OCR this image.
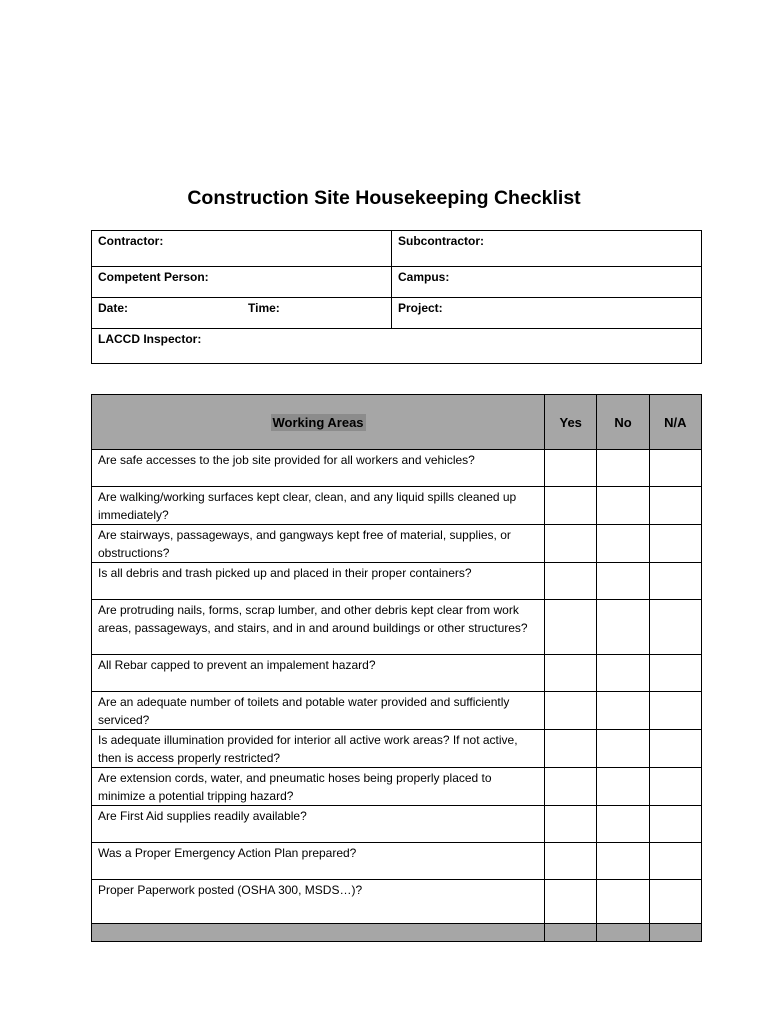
Construction Site Housekeeping Checklist
Contractor:	Subcontractor:
Competent Person:	Campus:
Date: Time:	Project:
LACCD Inspector:	
Working Areas	Yes	No	N/A
Are safe accesses to the job site provided for all workers and vehicles?			
Are walking/working surfaces kept clear, clean, and any liquid spills cleaned up immediately?			
Are stairways, passageways, and gangways kept free of material, supplies, or obstructions?			
Is all debris and trash picked up and placed in their proper containers?			
Are protruding nails, forms, scrap lumber, and other debris kept clear from work areas, passageways, and stairs, and in and around buildings or other structures?			
All Rebar capped to prevent an impalement hazard?			
Are an adequate number of toilets and potable water provided and sufficiently serviced?			
Is adequate illumination provided for interior all active work areas? If not active, then is access properly restricted?			
Are extension cords, water, and pneumatic hoses being properly placed to minimize a potential tripping hazard?			
Are First Aid supplies readily available?			
Was a Proper Emergency Action Plan prepared?			
Proper Paperwork posted (OSHA 300, MSDS…)?			
